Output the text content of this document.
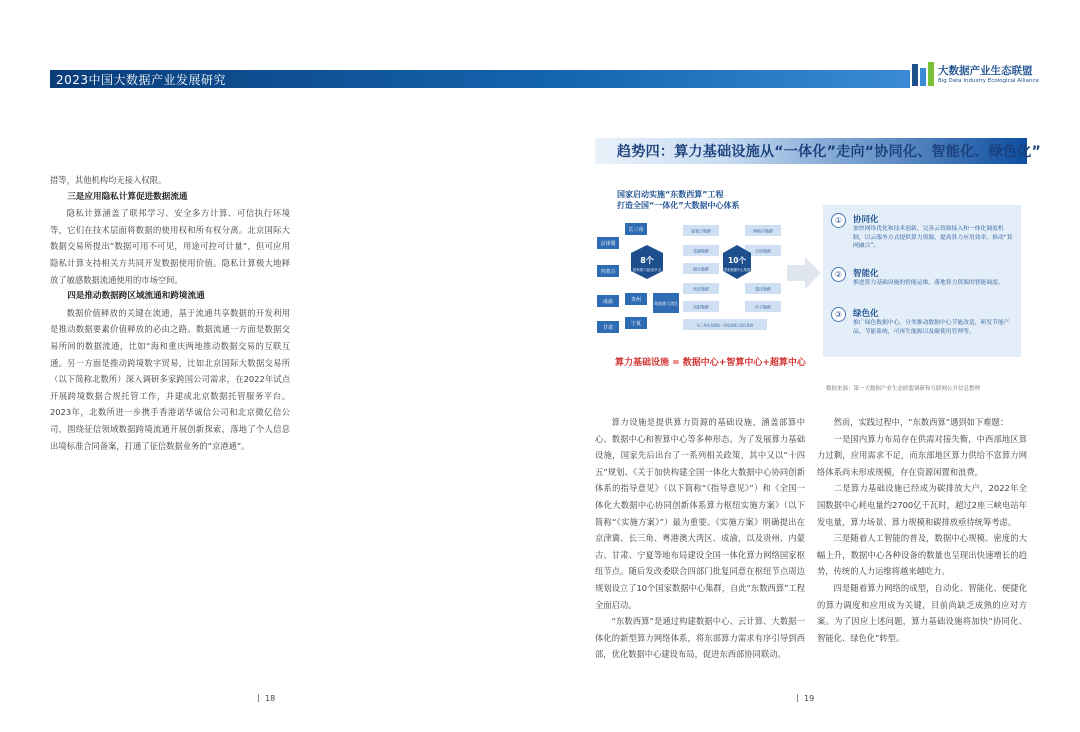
2023中国大数据产业发展研究
大数据产业生态联盟
Big Data Industry Ecological Alliance

措等，其他机构均无接入权限。

三是应用隐私计算促进数据流通

隐私计算涵盖了联邦学习、安全多方计算、可信执行环境等，它们在技术层面将数据的使用权和所有权分离。北京国际大数据交易所提出“数据可用不可见，用途可控可计量”，但可应用隐私计算支持相关方共同开发数据使用价值。隐私计算极大地释放了敏感数据流通使用的市场空间。

四是推动数据跨区域流通和跨境流通

数据价值释放的关键在流通，基于流通共享数据的开发利用是推动数据要素价值释放的必由之路。数据流通一方面是数据交易所间的数据流通，比如“海和重庆两地推动数据交易的互联互通。另一方面是推动跨境数字贸易，比如北京国际大数据交易所（以下简称北数所）深入调研多家跨国公司需求，在2022年试点开展跨境数据合规托管工作，并建成北京数据托管服务平台。2023年，北数所进一步携手香港诺华诚信公司和北京微亿信公司，围绕征信领域数据跨境流通开展创新探索，落地了个人信息出境标准合同备案，打通了征信数据业务的“京港通”。

18
趋势四：算力基础设施从“一体化”走向“协同化、智能化、绿色化”
国家启动实施“东数西算”工程
打造全国“一体化”大数据中心体系
京津冀
长三角
粤港澳大湾区
成渝
内蒙古
贵州
甘肃
宁夏
8个
国家算力枢纽节点
张家口集群
芜湖集群
长三角生态绿色一体化发展示范区集群
韶关集群
天府集群
重庆集群
林格尔集群
贵安集群
庆阳集群	中卫集群
10个
国家数据中心集群
算力基础设施 = 数据中心+智算中心+超算中心
①	协同化
加快网络优化和技术创新，完善云资源接入和一体化调度机制，以云服务方式提供算力资源，提高算力应用效率，推动“算网融合”。
②	智能化
推进算力基础设施的智能运维，落地算力资源的智能调度。
③	绿色化
推广绿色数据中心，分类推动数据中心节能改造，研发节能产品、节能系统，可再生能源以及碳使用管理等。
数据来源：第一大数据产业生态联盟调研和互联网公开信息整理

算力设施是提供算力资源的基础设施，涵盖部算中心、数据中心和智算中心等多种形态。为了发展算力基础设施，国家先后出台了一系列相关政策，其中又以“十四五”规划、《关于加快构建全国一体化大数据中心协同创新体系的指导意见》（以下简称“《指导意见》”）和《全国一体化大数据中心协同创新体系算力枢纽实施方案》（以下简称“《实施方案》”）最为重要。《实施方案》明确提出在京津冀、长三角、粤港澳大湾区、成渝，以及贵州、内蒙古、甘肃、宁夏等地布局建设全国一体化算力网络国家枢纽节点。随后发改委联合四部门批复同意在枢纽节点周边规划设立了10个国家数据中心集群，自此“东数西算”工程全面启动。

“东数西算”是通过构建数据中心、云计算、大数据一体化的新型算力网络体系，将东部算力需求有序引导到西部，优化数据中心建设布局，促进东西部协同联动。

然而，实践过程中，“东数西算”遇到如下难题：

一是国内算力布局存在供需对接失衡，中西部地区算力过剩，应用需求不足，而东部地区算力供给不富算力网络体系尚未形成规模，存在资源闲置和浪费。

二是算力基础设施已经成为碳排放大户，2022年全国数据中心耗电量约2700亿千瓦时，超过2座三峡电站年发电量，算力场景、算力规模和碳排放亟待统筹考虑。

三是随着人工智能的普及，数据中心规模、密度的大幅上升，数据中心各种设备的数量也呈现出快速增长的趋势，传统的人力运维将越来越吃力。

四是随着算力网络的成型，自动化、智能化、便捷化的算力调度和应用成为关键，目前尚缺乏成熟的应对方案。为了因应上述问题，算力基础设施将加快“协同化、智能化、绿色化”转型。

19
